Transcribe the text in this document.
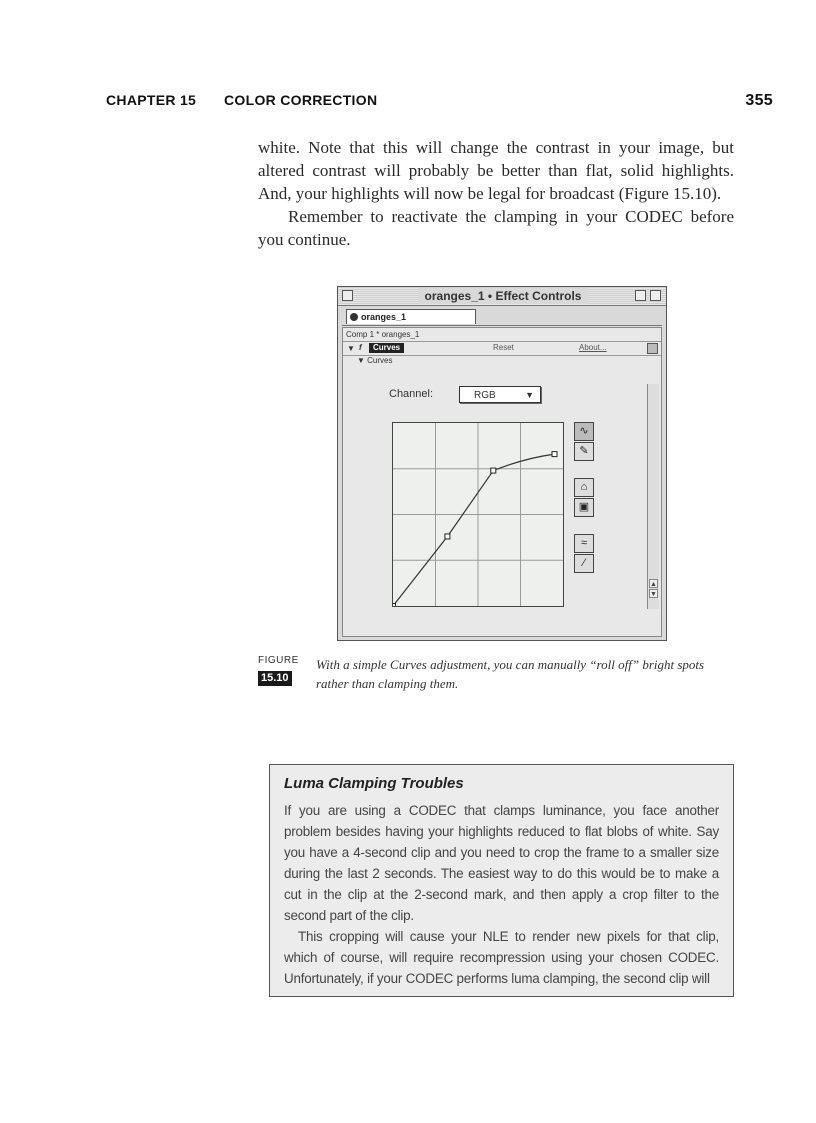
CHAPTER 15 COLOR CORRECTION	355

white. Note that this will change the contrast in your image, but altered contrast will probably be better than flat, solid highlights. And, your highlights will now be legal for broadcast (Figure 15.10).

Remember to reactivate the clamping in your CODEC before you continue.

oranges_1 • Effect Controls
oranges_1
Comp 1 * oranges_1
▼ f	Curves	Reset	About...
▼ Curves
Channel:	RGB	▼
∿
✎
⌂
▣
≈
⁄
▲
▼
FIGURE
15.10
With a simple Curves adjustment, you can manually “roll off” bright spots rather than clamping them.
Luma Clamping Troubles

If you are using a CODEC that clamps luminance, you face another problem besides having your highlights reduced to flat blobs of white. Say you have a 4-second clip and you need to crop the frame to a smaller size during the last 2 seconds. The easiest way to do this would be to make a cut in the clip at the 2-second mark, and then apply a crop filter to the second part of the clip.

This cropping will cause your NLE to render new pixels for that clip, which of course, will require recompression using your chosen CODEC. Unfortunately, if your CODEC performs luma clamping, the second clip will
